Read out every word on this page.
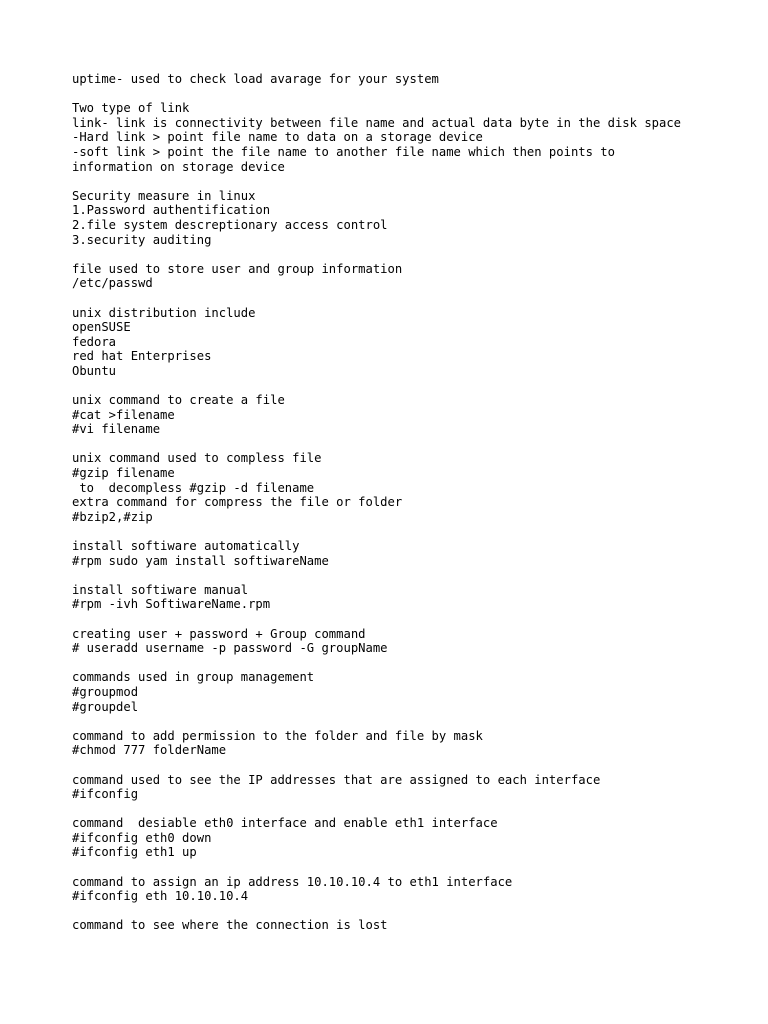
uptime- used to check load avarage for your system
Two type of link
link- link is connectivity between file name and actual data byte in the disk space
-Hard link > point file name to data on a storage device
-soft link > point the file name to another file name which then points to
information on storage device
Security measure in linux
1.Password authentification
2.file system descreptionary access control
3.security auditing
file used to store user and group information
/etc/passwd
unix distribution include
openSUSE
fedora
red hat Enterprises
Obuntu
unix command to create a file
#cat >filename
#vi filename
unix command used to compless file
#gzip filename
to  decompless #gzip -d filename
extra command for compress the file or folder
#bzip2,#zip
install softiware automatically
#rpm sudo yam install softiwareName
install softiware manual
#rpm -ivh SoftiwareName.rpm
creating user + password + Group command
# useradd username -p password -G groupName
commands used in group management
#groupmod
#groupdel
command to add permission to the folder and file by mask
#chmod 777 folderName
command used to see the IP addresses that are assigned to each interface
#ifconfig
command  desiable eth0 interface and enable eth1 interface
#ifconfig eth0 down
#ifconfig eth1 up
command to assign an ip address 10.10.10.4 to eth1 interface
#ifconfig eth 10.10.10.4
command to see where the connection is lost
